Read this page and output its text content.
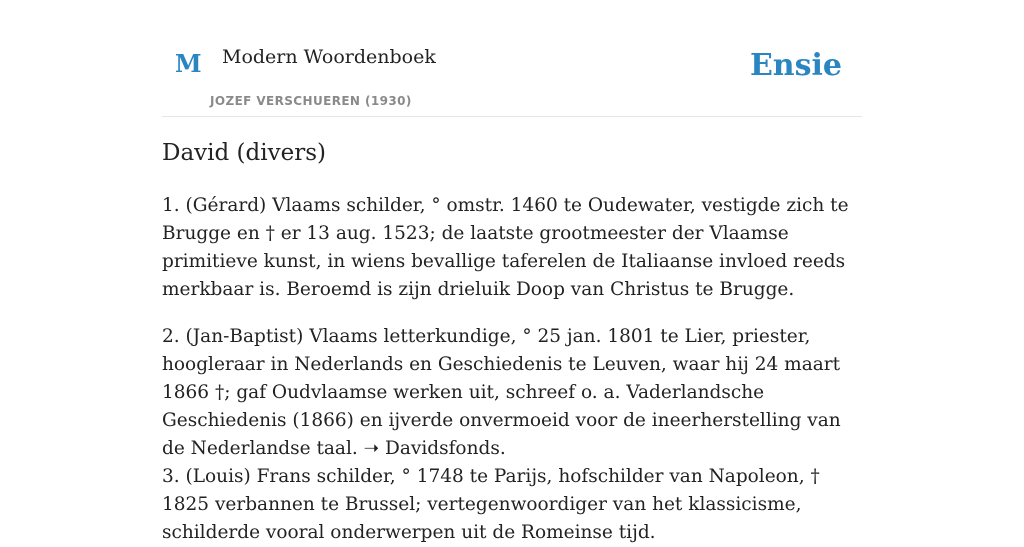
M Modern Woordenboek
JOZEF VERSCHUEREN (1930)
Ensie
David (divers)

1. (Gérard) Vlaams schilder, ° omstr. 1460 te Oudewater, vestigde zich te Brugge en † er 13 aug. 1523; de laatste grootmeester der Vlaamse primitieve kunst, in wiens bevallige taferelen de Italiaanse invloed reeds merkbaar is. Beroemd is zijn drieluik Doop van Christus te Brugge.

2. (Jan-Baptist) Vlaams letterkundige, ° 25 jan. 1801 te Lier, priester, hoogleraar in Nederlands en Geschiedenis te Leuven, waar hij 24 maart 1866 †; gaf Oudvlaamse werken uit, schreef o. a. Vaderlandsche Geschiedenis (1866) en ijverde onvermoeid voor de ineerherstelling van de Nederlandse taal. ➝ Davidsfonds.

3. (Louis) Frans schilder, ° 1748 te Parijs, hofschilder van Napoleon, † 1825 verbannen te Brussel; vertegenwoordiger van het klassicisme, schilderde vooral onderwerpen uit de Romeinse tijd.
